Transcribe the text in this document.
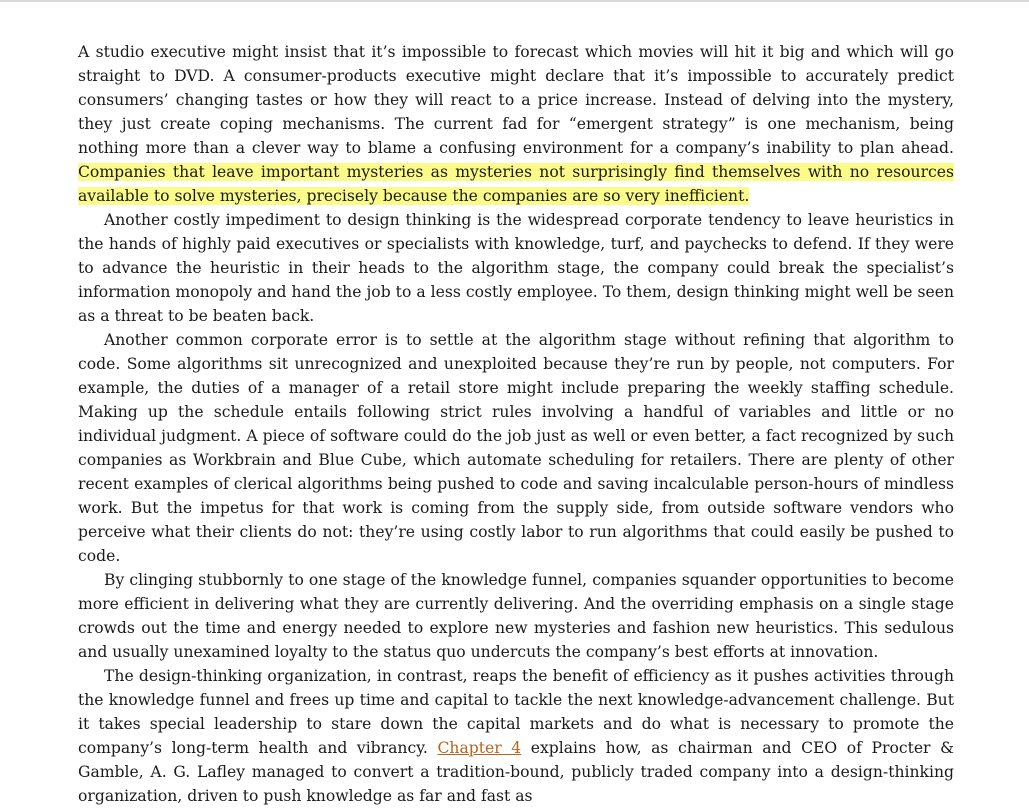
A studio executive might insist that it’s impossible to forecast which movies will hit it big and which will go straight to DVD. A consumer-products executive might declare that it’s impossible to accurately predict consumers’ changing tastes or how they will react to a price increase. Instead of delving into the mystery, they just create coping mechanisms. The current fad for “emergent strategy” is one mechanism, being nothing more than a clever way to blame a confusing environment for a company’s inability to plan ahead. Companies that leave important mysteries as mysteries not surprisingly find themselves with no resources available to solve mysteries, precisely because the companies are so very inefficient.

Another costly impediment to design thinking is the widespread corporate tendency to leave heuristics in the hands of highly paid executives or specialists with knowledge, turf, and paychecks to defend. If they were to advance the heuristic in their heads to the algorithm stage, the company could break the specialist’s information monopoly and hand the job to a less costly employee. To them, design thinking might well be seen as a threat to be beaten back.

Another common corporate error is to settle at the algorithm stage without refining that algorithm to code. Some algorithms sit unrecognized and unexploited because they’re run by people, not computers. For example, the duties of a manager of a retail store might include preparing the weekly staffing schedule. Making up the schedule entails following strict rules involving a handful of variables and little or no individual judgment. A piece of software could do the job just as well or even better, a fact recognized by such companies as Workbrain and Blue Cube, which automate scheduling for retailers. There are plenty of other recent examples of clerical algorithms being pushed to code and saving incalculable person-hours of mindless work. But the impetus for that work is coming from the supply side, from outside software vendors who perceive what their clients do not: they’re using costly labor to run algorithms that could easily be pushed to code.

By clinging stubbornly to one stage of the knowledge funnel, companies squander opportunities to become more efficient in delivering what they are currently delivering. And the overriding emphasis on a single stage crowds out the time and energy needed to explore new mysteries and fashion new heuristics. This sedulous and usually unexamined loyalty to the status quo undercuts the company’s best efforts at innovation.

The design-thinking organization, in contrast, reaps the benefit of efficiency as it pushes activities through the knowledge funnel and frees up time and capital to tackle the next knowledge-advancement challenge. But it takes special leadership to stare down the capital markets and do what is necessary to promote the company’s long-term health and vibrancy. Chapter 4 explains how, as chairman and CEO of Procter & Gamble, A. G. Lafley managed to convert a tradition-bound, publicly traded company into a design-thinking organization, driven to push knowledge as far and fast as
